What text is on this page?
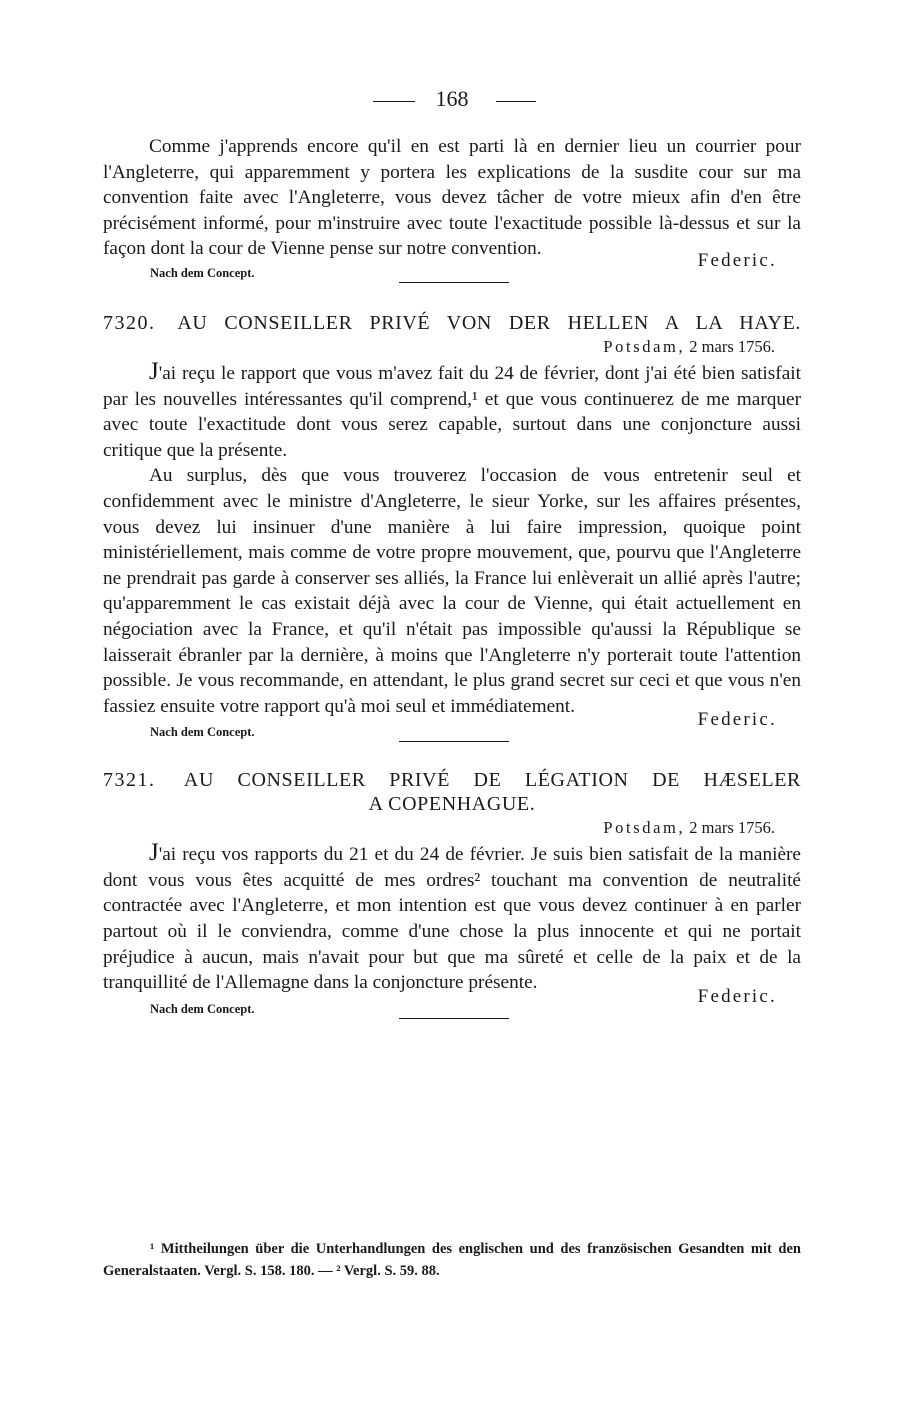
168

Comme j'apprends encore qu'il en est parti là en dernier lieu un courrier pour l'Angleterre, qui apparemment y portera les explications de la susdite cour sur ma convention faite avec l'Angleterre, vous devez tâcher de votre mieux afin d'en être précisément informé, pour m'instruire avec toute l'exactitude possible là-dessus et sur la façon dont la cour de Vienne pense sur notre convention.

Nach dem Concept.
Federic.
7320. AU CONSEILLER PRIVÉ VON DER HELLEN A LA HAYE.

Potsdam, 2 mars 1756.

J'ai reçu le rapport que vous m'avez fait du 24 de février, dont j'ai été bien satisfait par les nouvelles intéressantes qu'il comprend,¹ et que vous continuerez de me marquer avec toute l'exactitude dont vous serez capable, surtout dans une conjoncture aussi critique que la présente.

Au surplus, dès que vous trouverez l'occasion de vous entretenir seul et confidemment avec le ministre d'Angleterre, le sieur Yorke, sur les affaires présentes, vous devez lui insinuer d'une manière à lui faire impression, quoique point ministériellement, mais comme de votre propre mouvement, que, pourvu que l'Angleterre ne prendrait pas garde à conserver ses alliés, la France lui enlèverait un allié après l'autre; qu'apparemment le cas existait déjà avec la cour de Vienne, qui était actuellement en négociation avec la France, et qu'il n'était pas impossible qu'aussi la République se laisserait ébranler par la dernière, à moins que l'Angleterre n'y porterait toute l'attention possible. Je vous recommande, en attendant, le plus grand secret sur ceci et que vous n'en fassiez ensuite votre rapport qu'à moi seul et immédiatement.

Nach dem Concept.
Federic.
7321. AU CONSEILLER PRIVÉ DE LÉGATION DE HÆSELER

A COPENHAGUE.

Potsdam, 2 mars 1756.

J'ai reçu vos rapports du 21 et du 24 de février. Je suis bien satisfait de la manière dont vous vous êtes acquitté de mes ordres² touchant ma convention de neutralité contractée avec l'Angleterre, et mon intention est que vous devez continuer à en parler partout où il le conviendra, comme d'une chose la plus innocente et qui ne portait préjudice à aucun, mais n'avait pour but que ma sûreté et celle de la paix et de la tranquillité de l'Allemagne dans la conjoncture présente.

Nach dem Concept.
Federic.
¹ Mittheilungen über die Unterhandlungen des englischen und des französischen Gesandten mit den Generalstaaten. Vergl. S. 158. 180. — ² Vergl. S. 59. 88.
